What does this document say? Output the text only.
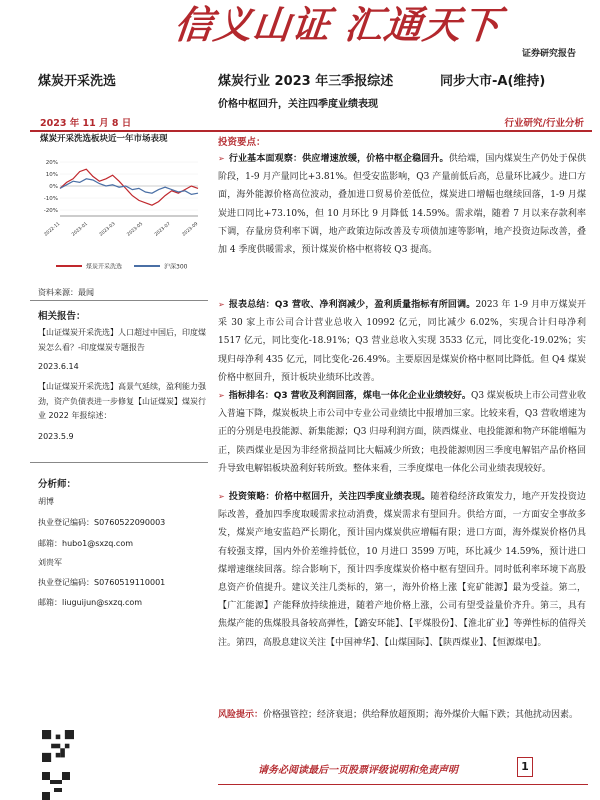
信义山证 汇通天下
证券研究报告
煤炭开采洗选	煤炭行业 2023 年三季报综述	同步大市-A(维持)
价格中枢回升，关注四季度业绩表现
2023 年 11 月 8 日	行业研究/行业分析
煤炭开采洗选板块近一年市场表现
20%
10%
0%
-10%
-20%
2022-11 2023-01 2023-03 2023-05 2023-07 2023-09
煤炭开采洗选	沪深300
资料来源：最闻
相关报告：
【山证煤炭开采洗选】人口超过中国后，印度煤炭怎么看？-印度煤炭专题报告
2023.6.14
【山证煤炭开采洗选】高景气延续，盈利能力强劲，资产负债表进一步修复【山证煤炭】煤炭行业 2022 年报综述：
2023.5.9
分析师：
胡博
执业登记编码：S0760522090003
邮箱：hubo1@sxzq.com
刘贵军
执业登记编码：S0760519110001
邮箱：liuguijun@sxzq.com
投资要点：
➢ 行业基本面观察：供应增速放缓，价格中枢企稳回升。供给端，国内煤炭生产仍处于保供阶段，1-9 月产量同比+3.81%。但受安监影响，Q3 产量前低后高，总量环比减少。进口方面，海外能源价格高位波动，叠加进口贸易价差低位，煤炭进口增幅也继续回落，1-9 月煤炭进口同比+73.10%，但 10 月环比 9 月降低 14.59%。需求端，随着 7 月以来存款利率下调，存量房贷利率下调，地产政策边际改善及专项债加速等影响，地产投资边际改善，叠加 4 季度供暖需求，预计煤炭价格中枢将较 Q3 提高。
➢ 报表总结：Q3 营收、净利润减少，盈利质量指标有所回调。2023 年 1-9 月申万煤炭开采 30 家上市公司合计营业总收入 10992 亿元，同比减少 6.02%，实现合计归母净利 1517 亿元，同比变化-18.91%；Q3 营业总收入实现 3533 亿元，同比变化-19.02%；实现归母净利 435 亿元，同比变化-26.49%。主要原因是煤炭价格中枢同比降低。但 Q4 煤炭价格中枢回升，预计板块业绩环比改善。
➢ 指标排名：Q3 营收及利润回落，煤电一体化企业业绩较好。Q3 煤炭板块上市公司营业收入普遍下降，煤炭板块上市公司中专业公司业绩比中报增加三家。比较来看，Q3 营收增速为正的分别是电投能源、新集能源；Q3 归母利润方面，陕西煤业、电投能源和物产环能增幅为正，陕西煤业是因为非经常损益同比大幅减少所致；电投能源则因三季度电解铝产品价格回升导致电解铝板块盈利好转所致。整体来看，三季度煤电一体化公司业绩表现较好。
➢ 投资策略：价格中枢回升，关注四季度业绩表现。随着稳经济政策发力，地产开发投资边际改善，叠加四季度取暖需求拉动消费，煤炭需求有望回升。供给方面，一方面安全事故多发，煤炭产地安监趋严长期化，预计国内煤炭供应增幅有限；进口方面，海外煤炭价格仍具有较强支撑，国内外价差维持低位，10 月进口 3599 万吨，环比减少 14.59%，预计进口煤增速继续回落。综合影响下，预计四季度煤炭价格中枢有望回升。同时低利率环境下高股息资产价值提升。建议关注几类标的，第一，海外价格上涨【兖矿能源】最为受益。第二，【广汇能源】产能释放持续推进，随着产地价格上涨，公司有望受益量价齐升。第三，具有焦煤产能的焦煤股具备较高弹性，【潞安环能】、【平煤股份】、【淮北矿业】等弹性标的值得关注。第四，高股息建议关注【中国神华】、【山煤国际】、【陕西煤业】、【恒源煤电】。
风险提示：价格强管控；经济衰退；供给释放超预期；海外煤价大幅下跌；其他扰动因素。
请务必阅读最后一页股票评级说明和免责声明	1
